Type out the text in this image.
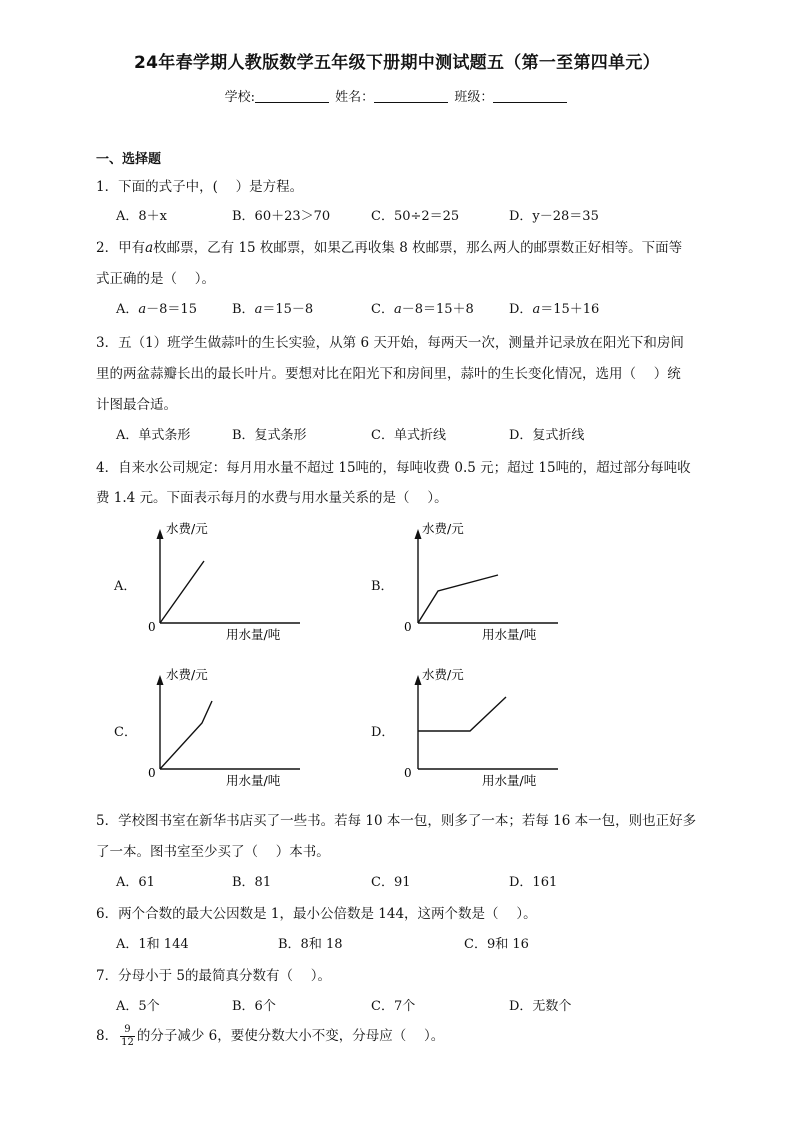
24年春学期人教版数学五年级下册期中测试题五（第一至第四单元）
学校:	姓名：	班级：
一、选择题
1．下面的式子中，(　 ）是方程。
A．8＋x	B．60＋23＞70	C．50÷2＝25	D．y－28＝35
2．甲有a枚邮票，乙有 15 枚邮票，如果乙再收集 8 枚邮票，那么两人的邮票数正好相等。下面等
式正确的是（　 ）。
A．a－8＝15	B．a＝15－8	C．a－8＝15＋8	D．a＝15＋16
3．五（1）班学生做蒜叶的生长实验，从第 6 天开始，每两天一次，测量并记录放在阳光下和房间
里的两盆蒜瓣长出的最长叶片。要想对比在阳光下和房间里，蒜叶的生长变化情况，选用（　 ）统
计图最合适。
A．单式条形	B．复式条形	C．单式折线	D．复式折线
4．自来水公司规定：每月用水量不超过 15吨的，每吨收费 0.5 元；超过 15吨的，超过部分每吨收
费 1.4 元。下面表示每月的水费与用水量关系的是（　 ）。
A．
0
水费/元
用水量/吨
B．
0
水费/元
用水量/吨
C．
0
水费/元
用水量/吨
D．
0
水费/元
用水量/吨
5．学校图书室在新华书店买了一些书。若每 10 本一包，则多了一本；若每 16 本一包，则也正好多
了一本。图书室至少买了（　 ）本书。
A．61	B．81	C．91	D．161
6．两个合数的最大公因数是 1，最小公倍数是 144，这两个数是（　 ）。
A．1和 144	B．8和 18	C．9和 16
7．分母小于 5的最简真分数有（　 ）。
A．5个	B．6个	C．7个	D．无数个
8． $\frac{9}{12}$ 的分子减少 6，要使分数大小不变，分母应（　 ）。
